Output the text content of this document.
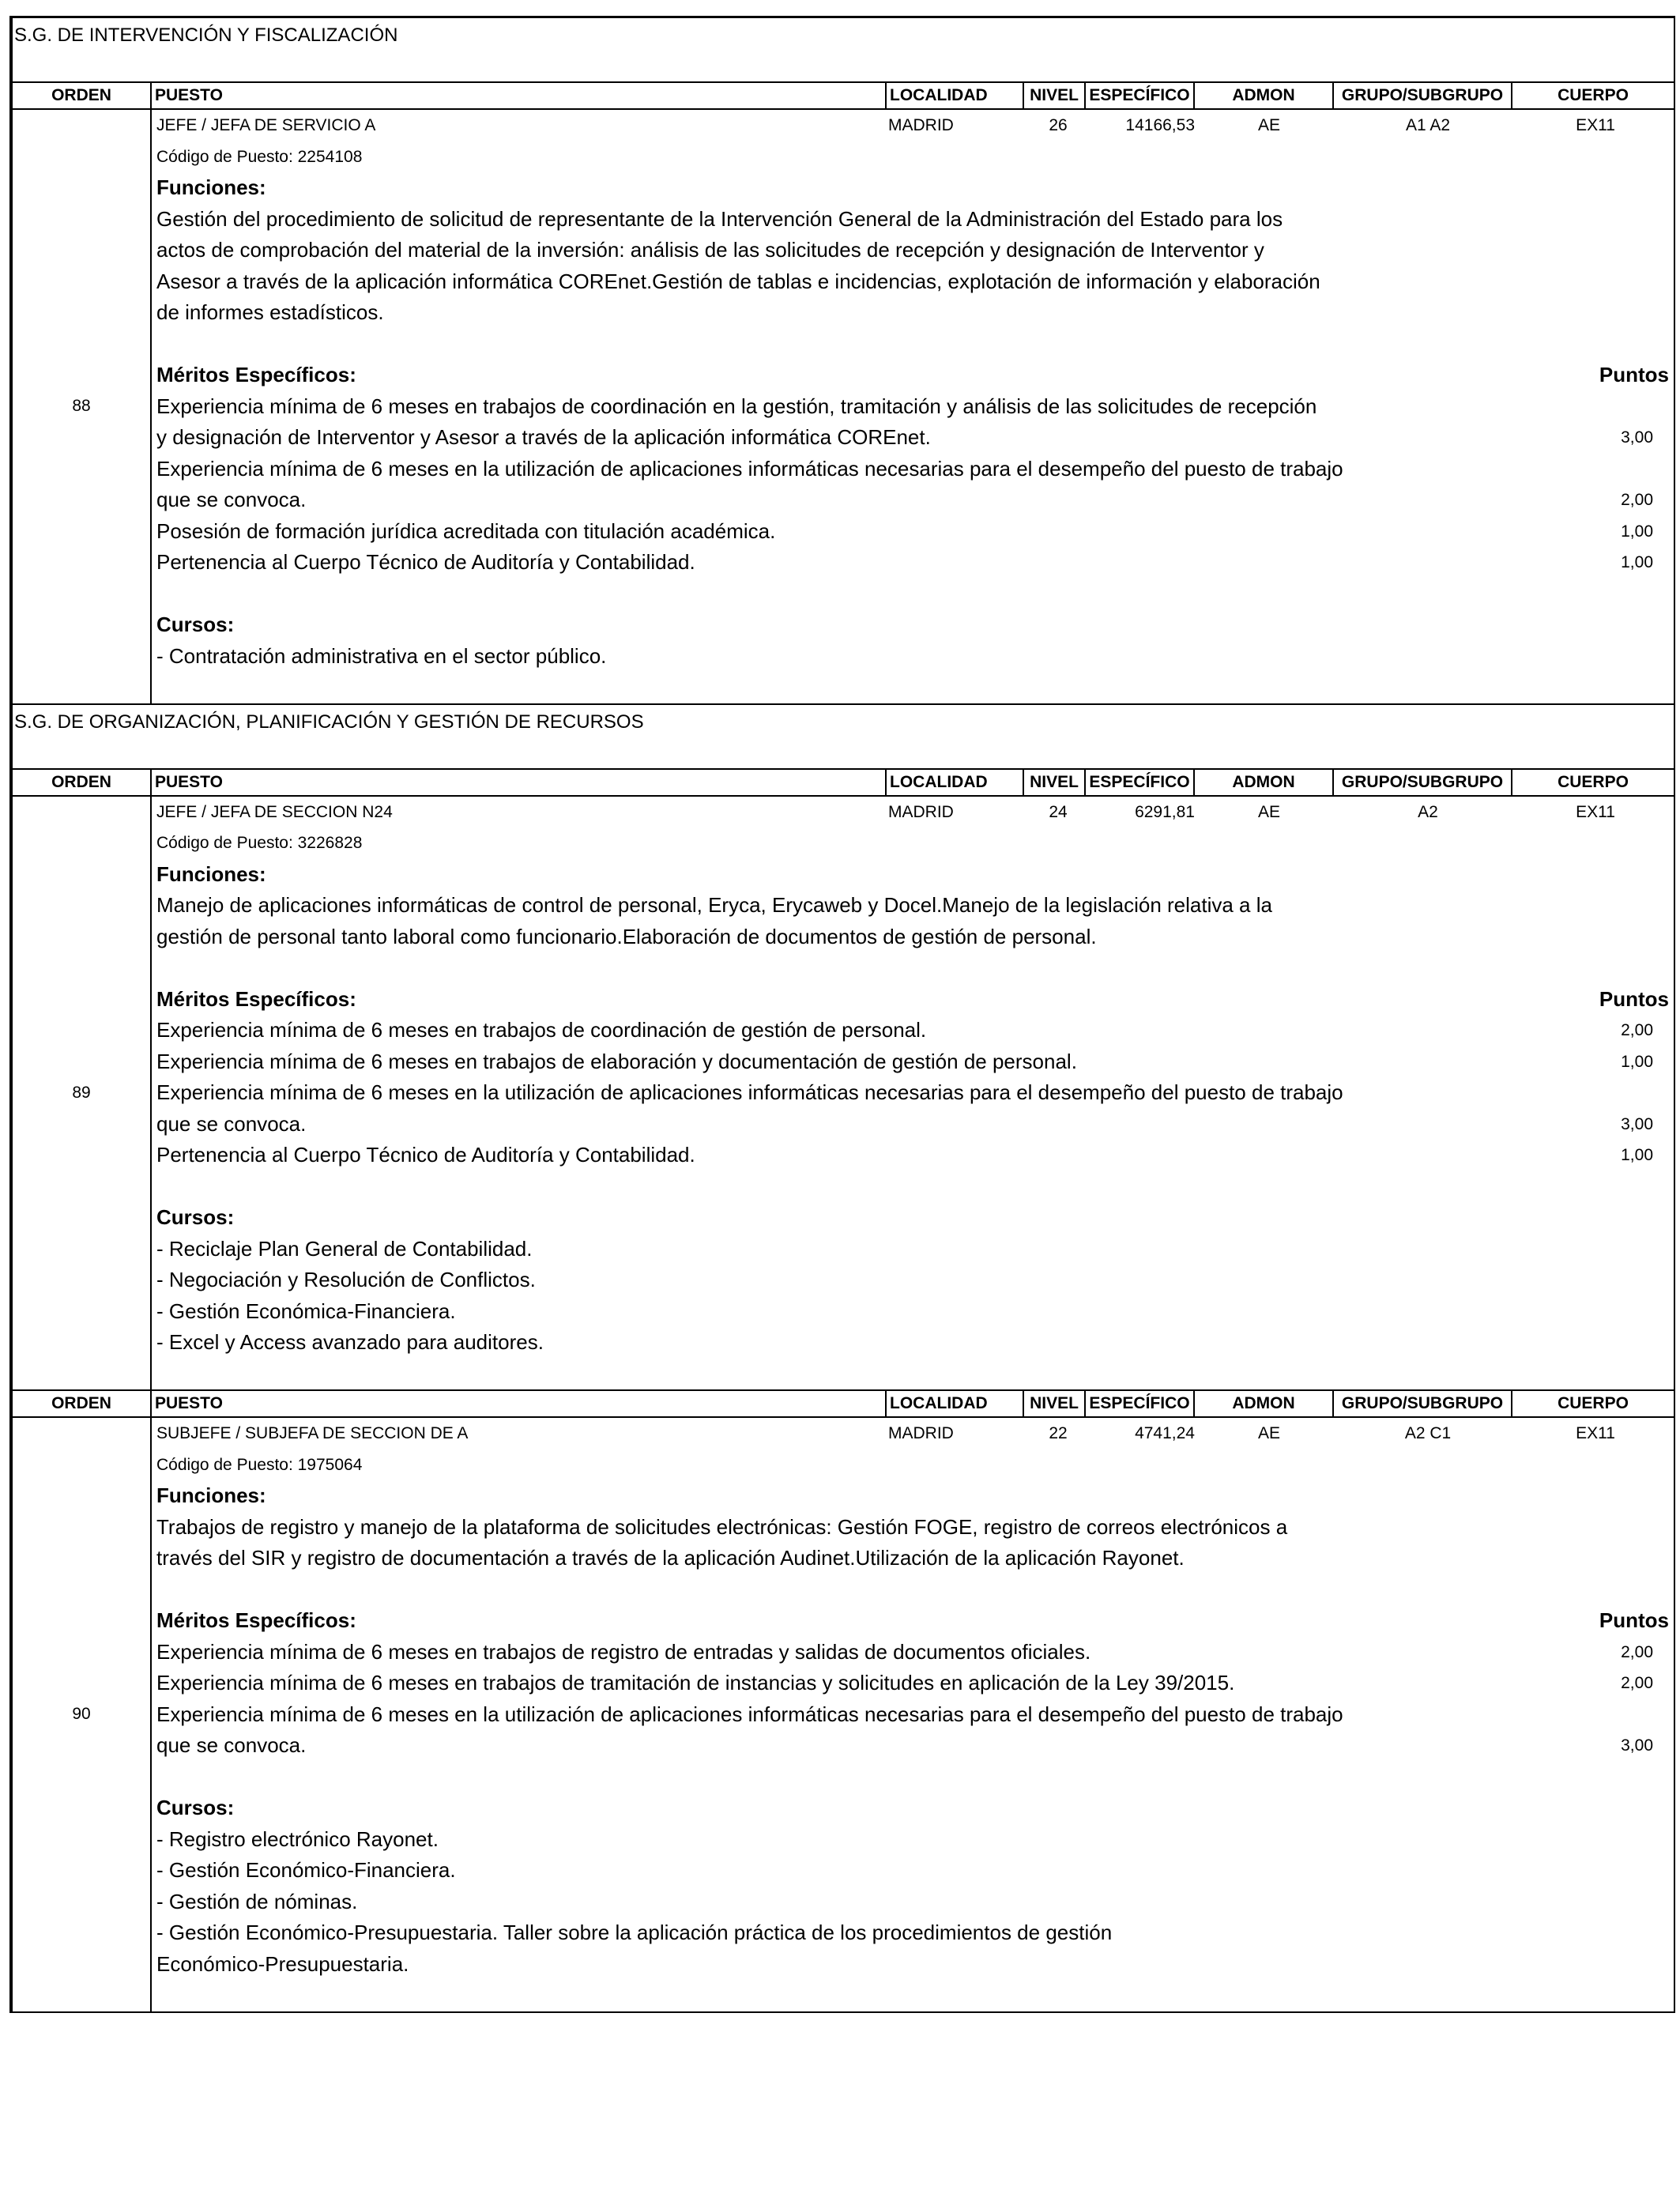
S.G. DE INTERVENCIÓN Y FISCALIZACIÓN
ORDEN	PUESTO	LOCALIDAD	NIVEL ESPECÍFICO	ADMON	GRUPO/SUBGRUPO	CUERPO
88
JEFE / JEFA DE SERVICIO A	MADRID	26	14166,53	AE	A1 A2	EX11
Código de Puesto: 2254108
Funciones:
Gestión del procedimiento de solicitud de representante de la Intervención General de la Administración del Estado para los
actos de comprobación del material de la inversión: análisis de las solicitudes de recepción y designación de Interventor y
Asesor a través de la aplicación informática COREnet.Gestión de tablas e incidencias, explotación de información y elaboración
de informes estadísticos.
Méritos Específicos:	Puntos
Experiencia mínima de 6 meses en trabajos de coordinación en la gestión, tramitación y análisis de las solicitudes de recepción
y designación de Interventor y Asesor a través de la aplicación informática COREnet.	3,00
Experiencia mínima de 6 meses en la utilización de aplicaciones informáticas necesarias para el desempeño del puesto de trabajo
que se convoca.	2,00
Posesión de formación jurídica acreditada con titulación académica.	1,00
Pertenencia al Cuerpo Técnico de Auditoría y Contabilidad.	1,00
Cursos:
- Contratación administrativa en el sector público.
S.G. DE ORGANIZACIÓN, PLANIFICACIÓN Y GESTIÓN DE RECURSOS
ORDEN	PUESTO	LOCALIDAD	NIVEL ESPECÍFICO	ADMON	GRUPO/SUBGRUPO	CUERPO
89
JEFE / JEFA DE SECCION N24	MADRID	24	6291,81	AE	A2	EX11
Código de Puesto: 3226828
Funciones:
Manejo de aplicaciones informáticas de control de personal, Eryca, Erycaweb y Docel.Manejo de la legislación relativa a la
gestión de personal tanto laboral como funcionario.Elaboración de documentos de gestión de personal.
Méritos Específicos:	Puntos
Experiencia mínima de 6 meses en trabajos de coordinación de gestión de personal.	2,00
Experiencia mínima de 6 meses en trabajos de elaboración y documentación de gestión de personal.	1,00
Experiencia mínima de 6 meses en la utilización de aplicaciones informáticas necesarias para el desempeño del puesto de trabajo
que se convoca.	3,00
Pertenencia al Cuerpo Técnico de Auditoría y Contabilidad.	1,00
Cursos:
- Reciclaje Plan General de Contabilidad.
- Negociación y Resolución de Conflictos.
- Gestión Económica-Financiera.
- Excel y Access avanzado para auditores.
ORDEN	PUESTO	LOCALIDAD	NIVEL ESPECÍFICO	ADMON	GRUPO/SUBGRUPO	CUERPO
90
SUBJEFE / SUBJEFA DE SECCION DE A	MADRID	22	4741,24	AE	A2 C1	EX11
Código de Puesto: 1975064
Funciones:
Trabajos de registro y manejo de la plataforma de solicitudes electrónicas: Gestión FOGE, registro de correos electrónicos a
través del SIR y registro de documentación a través de la aplicación Audinet.Utilización de la aplicación Rayonet.
Méritos Específicos:	Puntos
Experiencia mínima de 6 meses en trabajos de registro de entradas y salidas de documentos oficiales.	2,00
Experiencia mínima de 6 meses en trabajos de tramitación de instancias y solicitudes en aplicación de la Ley 39/2015.	2,00
Experiencia mínima de 6 meses en la utilización de aplicaciones informáticas necesarias para el desempeño del puesto de trabajo
que se convoca.	3,00
Cursos:
- Registro electrónico Rayonet.
- Gestión Económico-Financiera.
- Gestión de nóminas.
- Gestión Económico-Presupuestaria. Taller sobre la aplicación práctica de los procedimientos de gestión
Económico-Presupuestaria.
